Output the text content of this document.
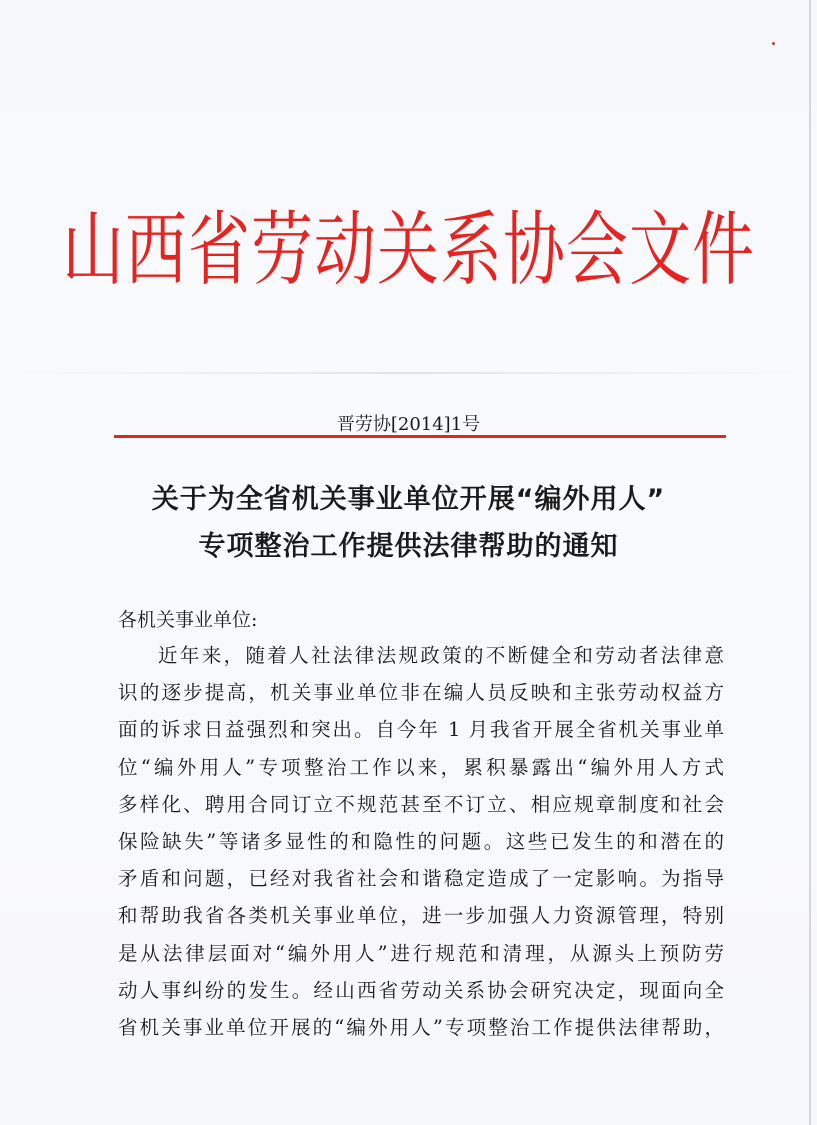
山西省劳动关系协会文件
晋劳协[2014]1号
关于为全省机关事业单位开展“编外用人”
专项整治工作提供法律帮助的通知
各机关事业单位:
近年来，随着人社法律法规政策的不断健全和劳动者法律意
识的逐步提高，机关事业单位非在编人员反映和主张劳动权益方
面的诉求日益强烈和突出。自今年 1 月我省开展全省机关事业单
位“编外用人”专项整治工作以来，累积暴露出“编外用人方式
多样化、聘用合同订立不规范甚至不订立、相应规章制度和社会
保险缺失”等诸多显性的和隐性的问题。这些已发生的和潜在的
矛盾和问题，已经对我省社会和谐稳定造成了一定影响。为指导
和帮助我省各类机关事业单位，进一步加强人力资源管理，特别
是从法律层面对“编外用人”进行规范和清理，从源头上预防劳
动人事纠纷的发生。经山西省劳动关系协会研究决定，现面向全
省机关事业单位开展的“编外用人”专项整治工作提供法律帮助，
